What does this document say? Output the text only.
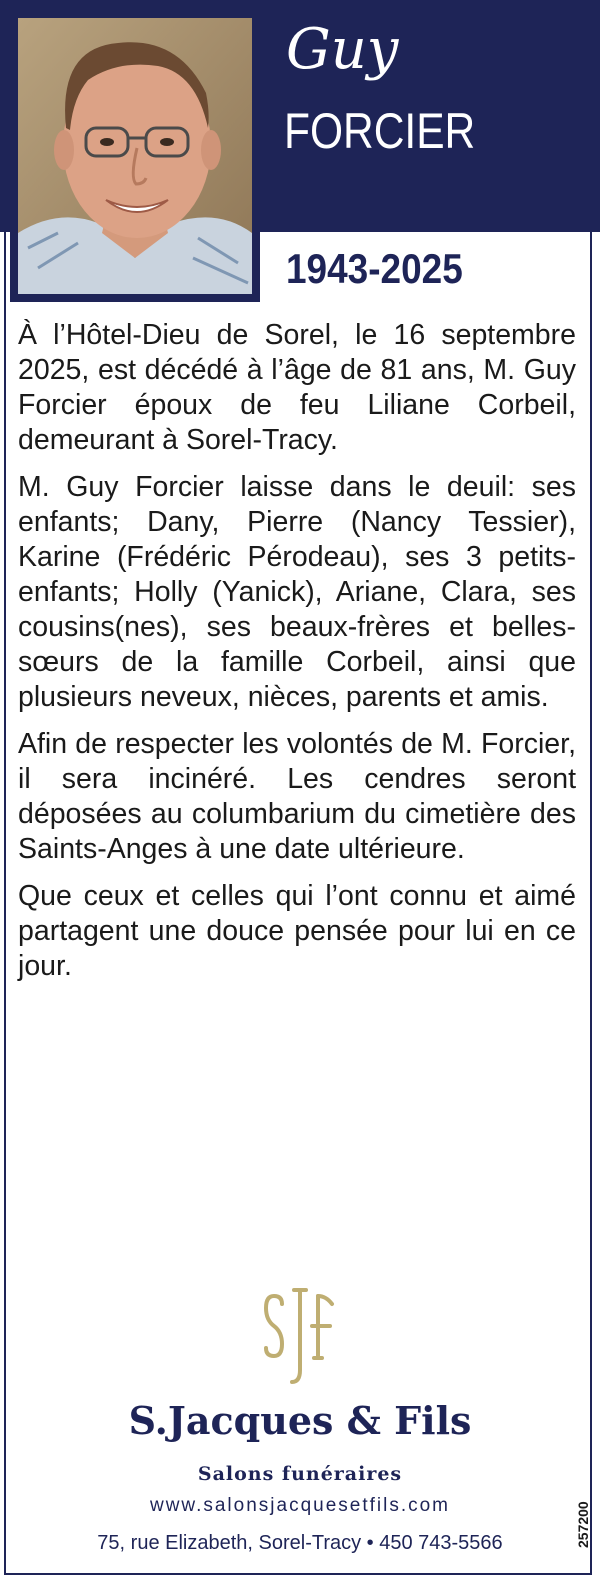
Guy
FORCIER
1943-2025

À l’Hôtel-Dieu de Sorel, le 16 septembre 2025, est décédé à l’âge de 81 ans, M. Guy Forcier époux de feu Liliane Corbeil, demeurant à Sorel-Tracy.

M. Guy Forcier laisse dans le deuil: ses enfants; Dany, Pierre (Nancy Tessier), Karine (Frédéric Pérodeau), ses 3 petits-enfants; Holly (Yanick), Ariane, Clara, ses cousins(nes), ses beaux-frères et belles-sœurs de la famille Corbeil, ainsi que plusieurs neveux, nièces, parents et amis.

Afin de respecter les volontés de M. Forcier, il sera incinéré. Les cendres seront déposées au columbarium du cimetière des Saints-Anges à une date ultérieure.

Que ceux et celles qui l’ont connu et aimé partagent une douce pensée pour lui en ce jour.

S.Jacques & Fils
Salons funéraires
www.salonsjacquesetfils.com
75, rue Elizabeth, Sorel-Tracy • 450 743-5566	257200
